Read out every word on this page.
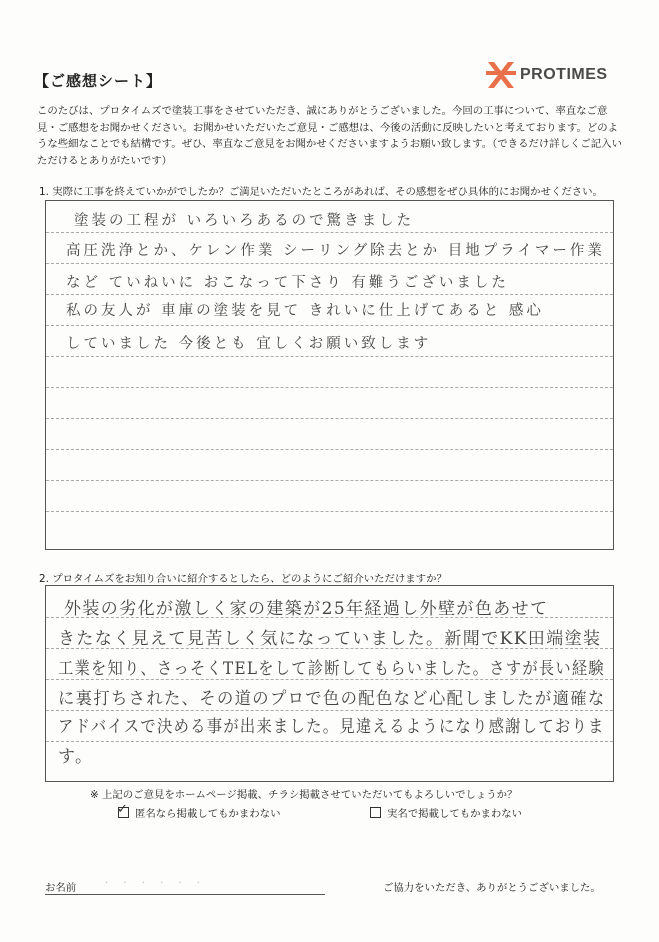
【ご感想シート】	PROTIMES
このたびは、プロタイムズで塗装工事をさせていただき、誠にありがとうございました。今回の工事について、率直なご意見・ご感想をお聞かせください。お聞かせいただいたご意見・ご感想は、今後の活動に反映したいと考えております。どのような些細なことでも結構です。ぜひ、率直なご意見をお聞かせくださいますようお願い致します。（できるだけ詳しくご記入いただけるとありがたいです）
1. 実際に工事を終えていかがでしたか？ご満足いただいたところがあれば、その感想をぜひ具体的にお聞かせください。
塗装の工程が いろいろあるので驚きました
高圧洗浄とか、ケレン作業 シーリング除去とか 目地プライマー作業
など ていねいに おこなって下さり 有難うございました
私の友人が 車庫の塗装を見て きれいに仕上げてあると 感心
していました 今後とも 宜しくお願い致します
2. プロタイムズをお知り合いに紹介するとしたら、どのようにご紹介いただけますか？
外装の劣化が激しく家の建築が25年経過し外壁が色あせて
きたなく見えて見苦しく気になっていました。新聞でKK田端塗装
工業を知り、さっそくTELをして診断してもらいました。さすが長い経験
に裏打ちされた、その道のプロで色の配色など心配しましたが適確な
アドバイスで決める事が出来ました。見違えるようになり感謝しておりま
す。
※ 上記のご意見をホームページ掲載、チラシ掲載させていただいてもよろしいでしょうか？
✓ 匿名なら掲載してもかまわない	実名で掲載してもかまわない
お名前	· · · · · ·	ご協力をいただき、ありがとうございました。
